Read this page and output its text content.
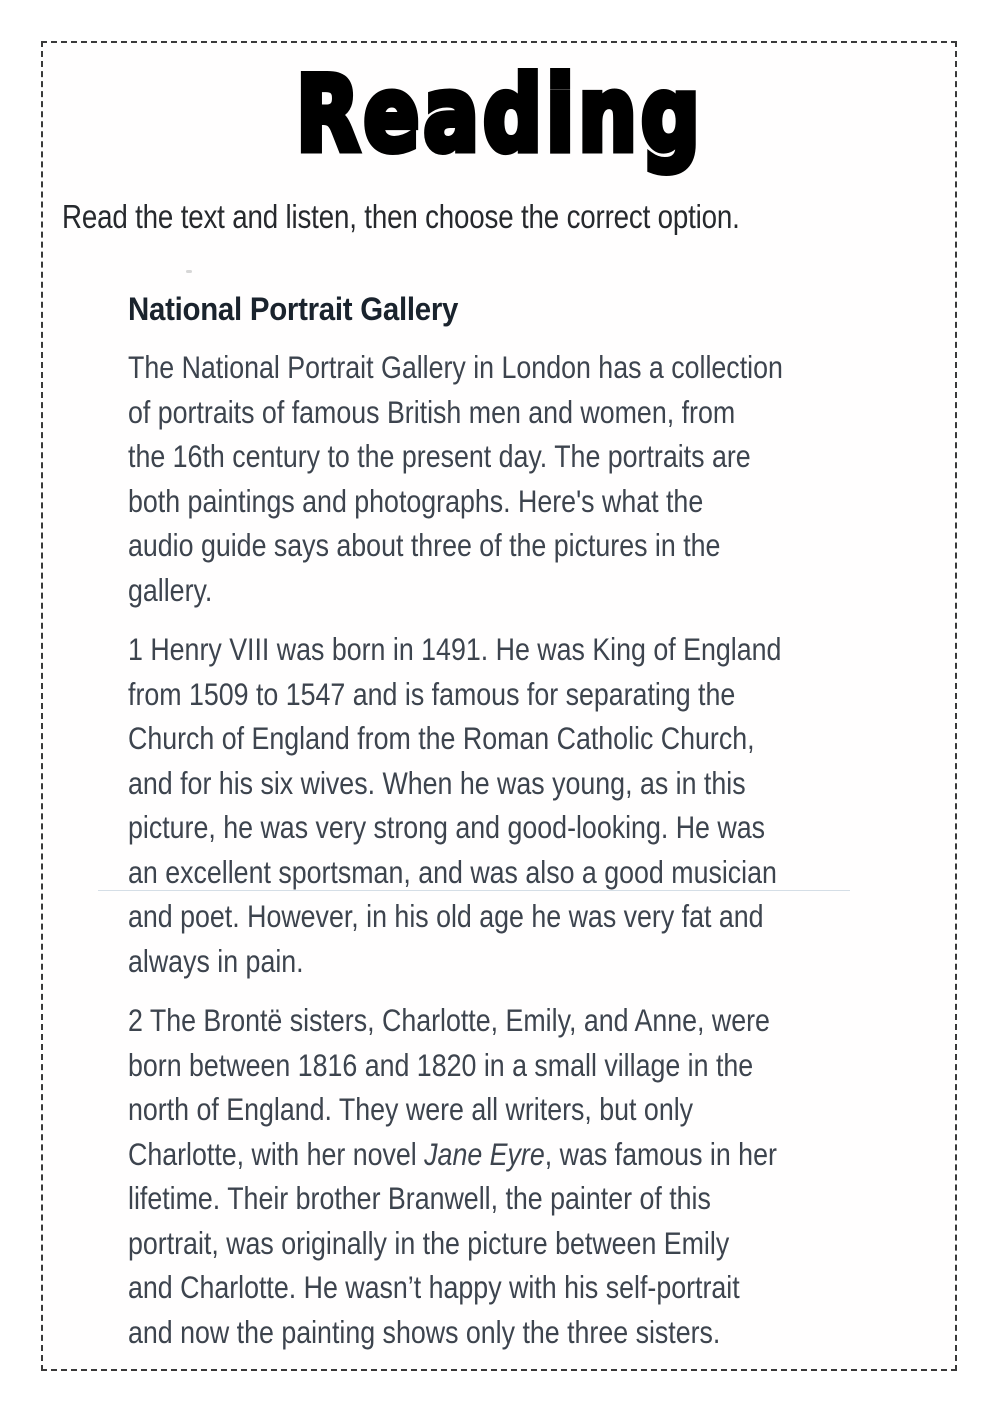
Reading
Read the text and listen, then choose the correct option.
National Portrait Gallery
The National Portrait Gallery in London has a collection
of portraits of famous British men and women, from
the 16th century to the present day. The portraits are
both paintings and photographs. Here's what the
audio guide says about three of the pictures in the
gallery.
1 Henry VIII was born in 1491. He was King of England
from 1509 to 1547 and is famous for separating the
Church of England from the Roman Catholic Church,
and for his six wives. When he was young, as in this
picture, he was very strong and good-looking. He was
an excellent sportsman, and was also a good musician
and poet. However, in his old age he was very fat and
always in pain.
2 The Brontë sisters, Charlotte, Emily, and Anne, were
born between 1816 and 1820 in a small village in the
north of England. They were all writers, but only
Charlotte, with her novel Jane Eyre, was famous in her
lifetime. Their brother Branwell, the painter of this
portrait, was originally in the picture between Emily
and Charlotte. He wasn’t happy with his self-portrait
and now the painting shows only the three sisters.
